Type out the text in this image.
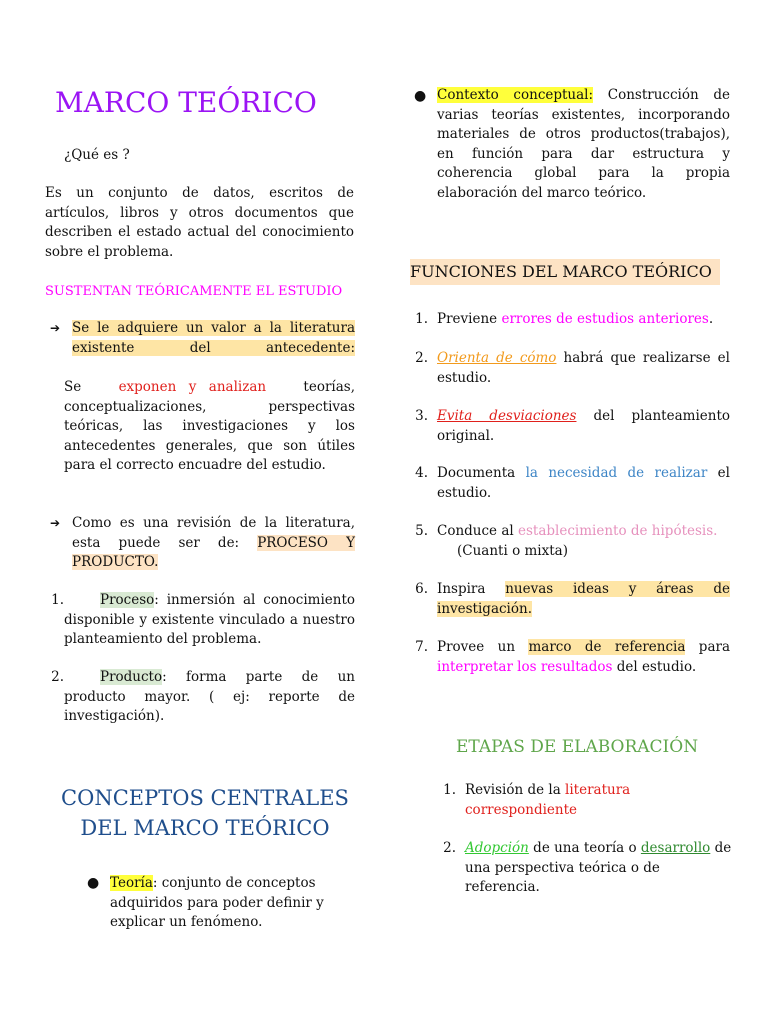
MARCO TEÓRICO
¿Qué es ?
Es un conjunto de datos, escritos de artículos, libros y otros documentos que describen el estado actual del conocimiento sobre el problema.
SUSTENTAN TEÓRICAMENTE EL ESTUDIO
➔ Se le adquiere un valor a la literatura existente del antecedente:
Se	exponen y analizan	teorías, conceptualizaciones, perspectivas teóricas, las investigaciones y los antecedentes generales, que son útiles para el correcto encuadre del estudio.
➔ Como es una revisión de la literatura, esta puede ser de: PROCESO Y PRODUCTO.
1.	Proceso: inmersión al conocimiento disponible y existente vinculado a nuestro planteamiento del problema.
2.	Producto: forma parte de un producto mayor. ( ej: reporte de investigación).
CONCEPTOS CENTRALES
DEL MARCO TEÓRICO
● Teoría: conjunto de conceptos adquiridos para poder definir y explicar un fenómeno.
● Contexto conceptual: Construcción de varias teorías existentes, incorporando materiales de otros productos(trabajos), en función para dar estructura y coherencia global para la propia elaboración del marco teórico.
FUNCIONES DEL MARCO TEÓRICO
1. Previene errores de estudios anteriores.
2. Orienta de cómo habrá que realizarse el estudio.
3. Evita desviaciones del planteamiento original.
4. Documenta la necesidad de realizar el estudio.
5. Conduce al establecimiento de hipótesis.
(Cuanti o mixta)
6. Inspira nuevas ideas y áreas de investigación.
7. Provee un marco de referencia para interpretar los resultados del estudio.
ETAPAS DE ELABORACIÓN
1. Revisión de la literatura correspondiente
2. Adopción de una teoría o desarrollo de una perspectiva teórica o de referencia.
